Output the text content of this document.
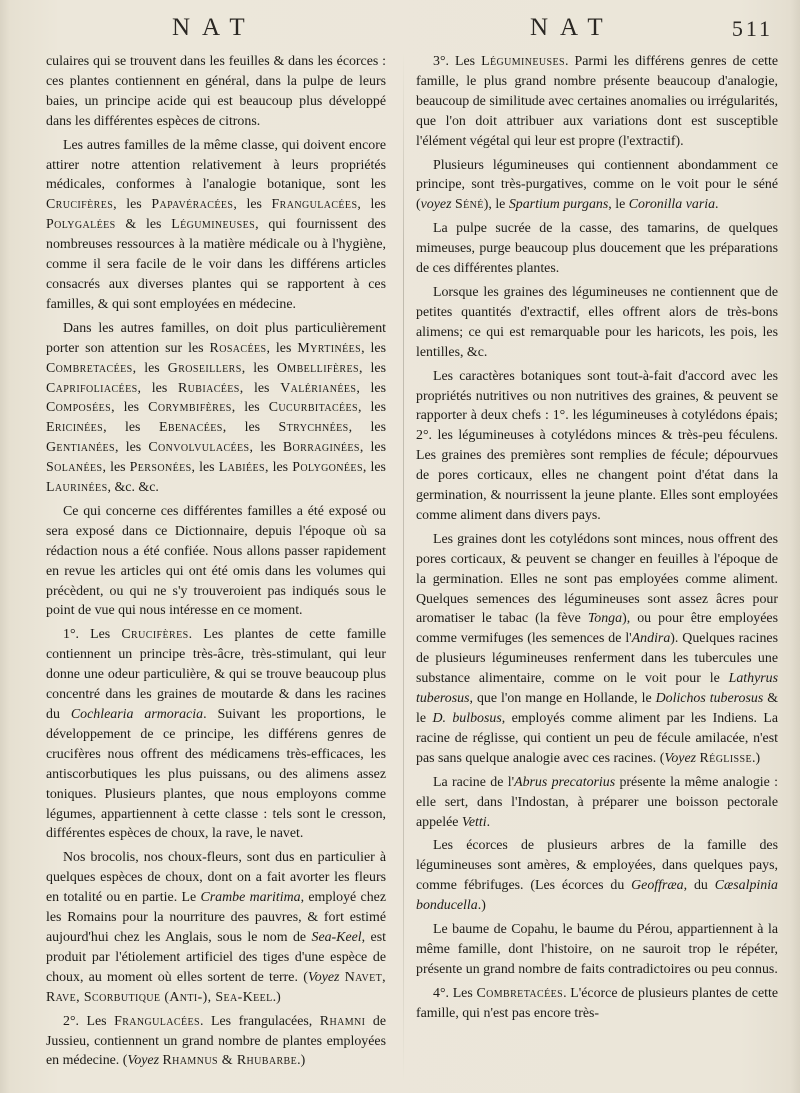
NAT	NAT	511

culaires qui se trouvent dans les feuilles & dans les écorces : ces plantes contiennent en général, dans la pulpe de leurs baies, un principe acide qui est beaucoup plus développé dans les différentes espèces de citrons.

Les autres familles de la même classe, qui doivent encore attirer notre attention relativement à leurs propriétés médicales, conformes à l'analogie botanique, sont les Crucifères, les Papavéracées, les Frangulacées, les Polygalées & les Légumineuses, qui fournissent des nombreuses ressources à la matière médicale ou à l'hygiène, comme il sera facile de le voir dans les différens articles consacrés aux diverses plantes qui se rapportent à ces familles, & qui sont employées en médecine.

Dans les autres familles, on doit plus particulièrement porter son attention sur les Rosacées, les Myrtinées, les Combretacées, les Groseillers, les Ombellifères, les Caprifoliacées, les Rubiacées, les Valérianées, les Composées, les Corymbifères, les Cucurbitacées, les Ericinées, les Ebenacées, les Strychnées, les Gentianées, les Convolvulacées, les Borraginées, les Solanées, les Personées, les Labiées, les Polygonées, les Laurinées, &c. &c.

Ce qui concerne ces différentes familles a été exposé ou sera exposé dans ce Dictionnaire, depuis l'époque où sa rédaction nous a été confiée. Nous allons passer rapidement en revue les articles qui ont été omis dans les volumes qui précèdent, ou qui ne s'y trouveroient pas indiqués sous le point de vue qui nous intéresse en ce moment.

1°. Les Crucifères. Les plantes de cette famille contiennent un principe très-âcre, très-stimulant, qui leur donne une odeur particulière, & qui se trouve beaucoup plus concentré dans les graines de moutarde & dans les racines du Cochlearia armoracia. Suivant les proportions, le développement de ce principe, les différens genres de crucifères nous offrent des médicamens très-efficaces, les antiscorbutiques les plus puissans, ou des alimens assez toniques. Plusieurs plantes, que nous employons comme légumes, appartiennent à cette classe : tels sont le cresson, différentes espèces de choux, la rave, le navet.

Nos brocolis, nos choux-fleurs, sont dus en particulier à quelques espèces de choux, dont on a fait avorter les fleurs en totalité ou en partie. Le Crambe maritima, employé chez les Romains pour la nourriture des pauvres, & fort estimé aujourd'hui chez les Anglais, sous le nom de Sea-Keel, est produit par l'étiolement artificiel des tiges d'une espèce de choux, au moment où elles sortent de terre. (Voyez Navet, Rave, Scorbutique (Anti-), Sea-Keel.)

2°. Les Frangulacées. Les frangulacées, Rhamni de Jussieu, contiennent un grand nombre de plantes employées en médecine. (Voyez Rhamnus & Rhubarbe.)

3°. Les Légumineuses. Parmi les différens genres de cette famille, le plus grand nombre présente beaucoup d'analogie, beaucoup de similitude avec certaines anomalies ou irrégularités, que l'on doit attribuer aux variations dont est susceptible l'élément végétal qui leur est propre (l'extractif).

Plusieurs légumineuses qui contiennent abondamment ce principe, sont très-purgatives, comme on le voit pour le séné (voyez Séné), le Spartium purgans, le Coronilla varia.

La pulpe sucrée de la casse, des tamarins, de quelques mimeuses, purge beaucoup plus doucement que les préparations de ces différentes plantes.

Lorsque les graines des légumineuses ne contiennent que de petites quantités d'extractif, elles offrent alors de très-bons alimens; ce qui est remarquable pour les haricots, les pois, les lentilles, &c.

Les caractères botaniques sont tout-à-fait d'accord avec les propriétés nutritives ou non nutritives des graines, & peuvent se rapporter à deux chefs : 1°. les légumineuses à cotylédons épais; 2°. les légumineuses à cotylédons minces & très-peu féculens. Les graines des premières sont remplies de fécule; dépourvues de pores corticaux, elles ne changent point d'état dans la germination, & nourrissent la jeune plante. Elles sont employées comme aliment dans divers pays.

Les graines dont les cotylédons sont minces, nous offrent des pores corticaux, & peuvent se changer en feuilles à l'époque de la germination. Elles ne sont pas employées comme aliment. Quelques semences des légumineuses sont assez âcres pour aromatiser le tabac (la fève Tonga), ou pour être employées comme vermifuges (les semences de l'Andira). Quelques racines de plusieurs légumineuses renferment dans les tubercules une substance alimentaire, comme on le voit pour le Lathyrus tuberosus, que l'on mange en Hollande, le Dolichos tuberosus & le D. bulbosus, employés comme aliment par les Indiens. La racine de réglisse, qui contient un peu de fécule amilacée, n'est pas sans quelque analogie avec ces racines. (Voyez Réglisse.)

La racine de l'Abrus precatorius présente la même analogie : elle sert, dans l'Indostan, à préparer une boisson pectorale appelée Vetti.

Les écorces de plusieurs arbres de la famille des légumineuses sont amères, & employées, dans quelques pays, comme fébrifuges. (Les écorces du Geoffræa, du Cæsalpinia bonducella.)

Le baume de Copahu, le baume du Pérou, appartiennent à la même famille, dont l'histoire, on ne sauroit trop le répéter, présente un grand nombre de faits contradictoires ou peu connus.

4°. Les Combretacées. L'écorce de plusieurs plantes de cette famille, qui n'est pas encore très-
